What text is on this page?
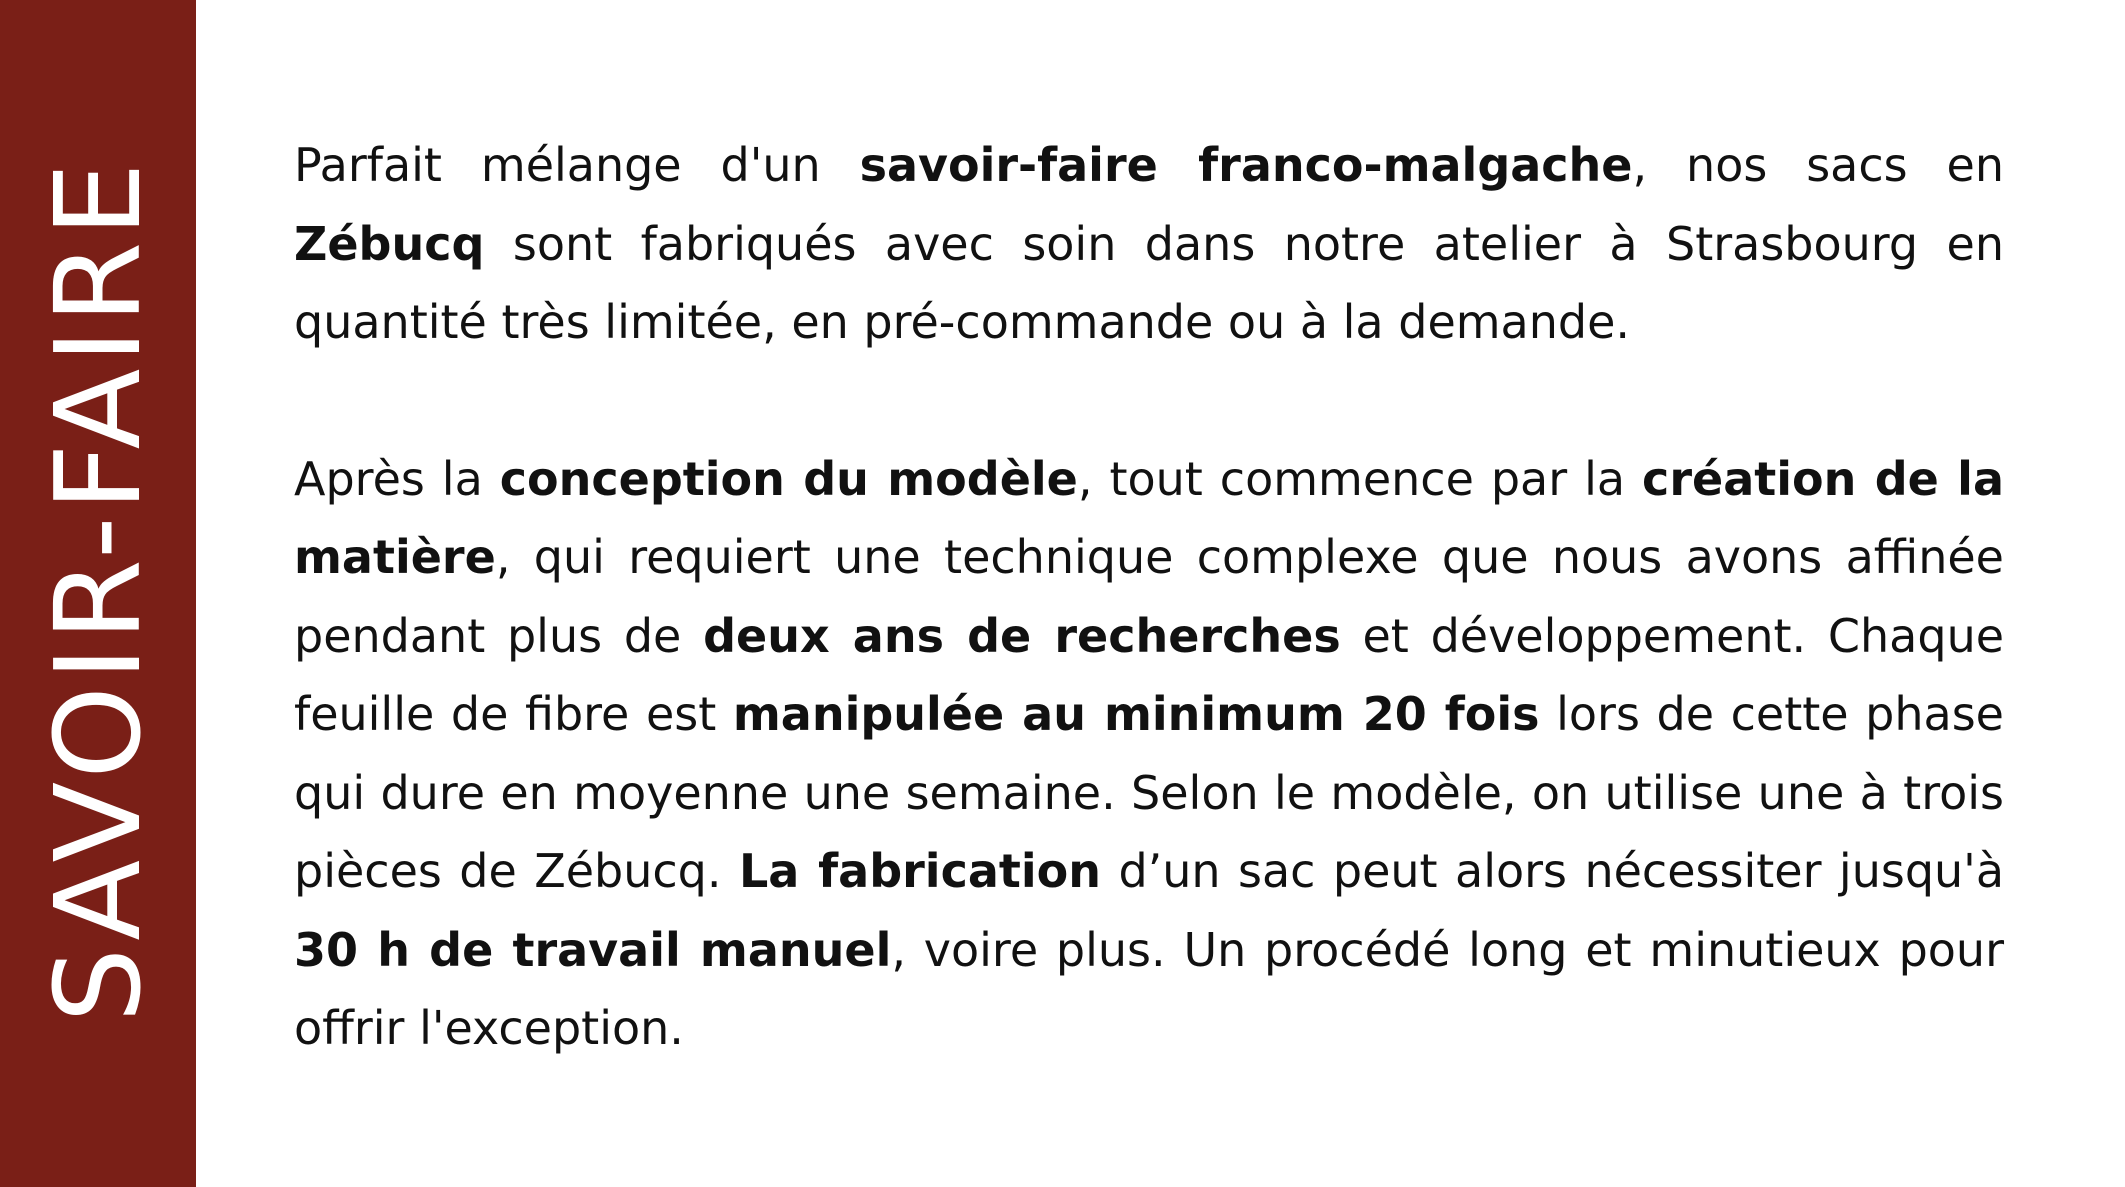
SAVOIR-FAIRE	Parfait mélange d'un savoir-faire franco-malgache, nos sacs en Zébucq sont fabriqués avec soin dans notre atelier à Strasbourg en quantité très limitée, en pré-commande ou à la demande.

Après la conception du modèle, tout commence par la création de la matière, qui requiert une technique complexe que nous avons affinée pendant plus de deux ans de recherches et développement. Chaque feuille de fibre est manipulée au minimum 20 fois lors de cette phase qui dure en moyenne une semaine. Selon le modèle, on utilise une à trois pièces de Zébucq. La fabrication d’un sac peut alors nécessiter jusqu'à 30 h de travail manuel, voire plus. Un procédé long et minutieux pour offrir l'exception.
